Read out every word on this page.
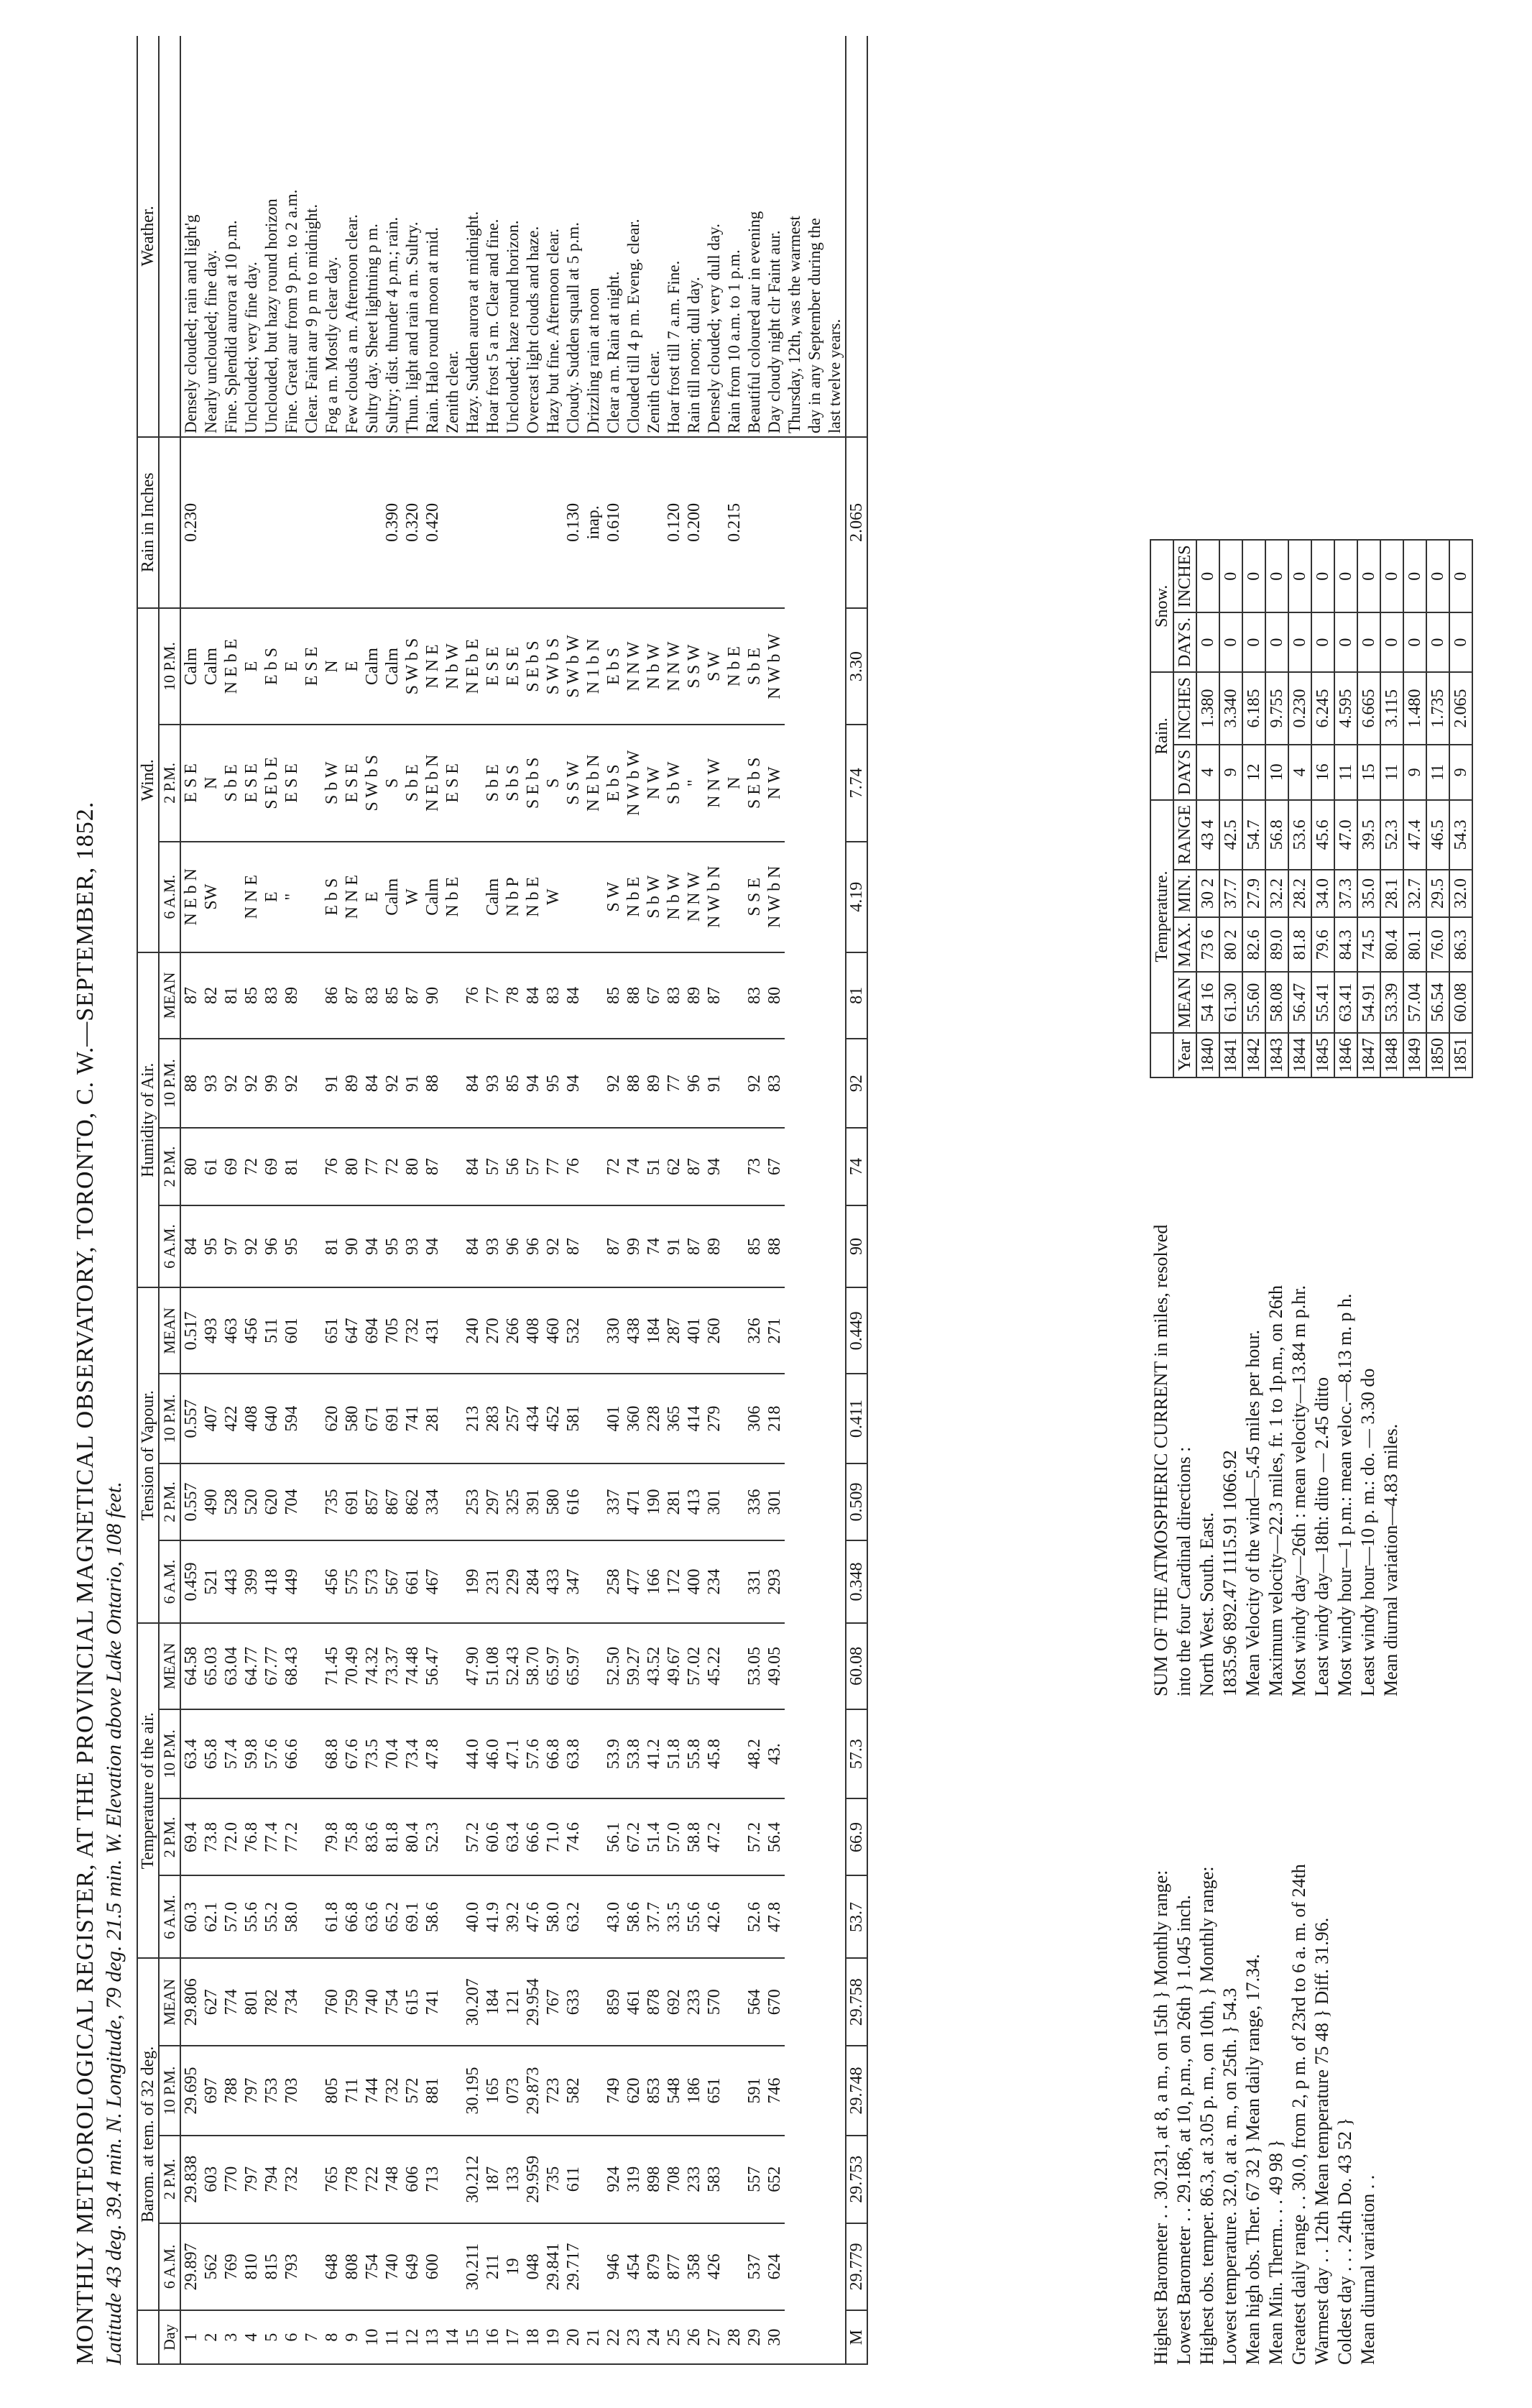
MONTHLY METEOROLOGICAL REGISTER, AT THE PROVINCIAL MAGNETICAL OBSERVATORY, TORONTO, C. W.—SEPTEMBER, 1852. Latitude 43 deg. 39.4 min. N. Longitude, 79 deg. 21.5 min. W. Elevation above Lake Ontario, 108 feet.
	Barom. at tem. of 32 deg.				Temperature of the air.				Tension of Vapour.				Humidity of Air.				Wind.			Rain in Inches	Weather.
Day	6 A.M.	2 P.M.	10 P.M.	MEAN	6 A.M.	2 P.M.	10 P.M.	MEAN	6 A.M.	2 P.M.	10 P.M.	MEAN	6 A.M.	2 P.M.	10 P.M.	MEAN	6 A.M.	2 P.M.	10 P.M.		
1	29.897	29.838	29.695	29.806	60.3	69.4	63.4	64.58	0.459	0.557	0.557	0.517	84	80	88	87	N E b N	E S E	Calm	0.230	Densely clouded; rain and light'g
2	562	603	697	627	62.1	73.8	65.8	65.03	521	490	407	493	95	61	93	82	SW	N	Calm		Nearly unclouded; fine day.
3	769	770	788	774	57.0	72.0	57.4	63.04	443	528	422	463	97	69	92	81		S b E	N E b E		Fine. Splendid aurora at 10 p.m.
4	810	797	797	801	55.6	76.8	59.8	64.77	399	520	408	456	92	72	92	85	N N E	E S E	E		Unclouded; very fine day.
5	815	794	753	782	55.2	77.4	57.6	67.77	418	620	640	511	96	69	99	83	E	S E b E	E b S		Unclouded, but hazy round horizon
6	793	732	703	734	58.0	77.2	66.6	68.43	449	704	594	601	95	81	92	89	"	E S E	E		Fine. Great aur from 9 p.m. to 2 a.m.
7																			E S E		Clear. Faint aur 9 p m to midnight.
8	648	765	805	760	61.8	79.8	68.8	71.45	456	735	620	651	81	76	91	86	E b S	S b W	N		Fog a m. Mostly clear day.
9	808	778	711	759	66.8	75.8	67.6	70.49	575	691	580	647	90	80	89	87	N N E	E S E	E		Few clouds a m. Afternoon clear.
10	754	722	744	740	63.6	83.6	73.5	74.32	573	857	671	694	94	77	84	83	E	S W b S	Calm		Sultry day. Sheet lightning p m.
11	740	748	732	754	65.2	81.8	70.4	73.37	567	867	691	705	95	72	92	85	Calm	S	Calm	0.390	Sultry; dist. thunder 4 p.m.; rain.
12	649	606	572	615	69.1	80.4	73.4	74.48	661	862	741	732	93	80	91	87	W	S b E	S W b S	0.320	Thun. light and rain a m. Sultry.
13	600	713	881	741	58.6	52.3	47.8	56.47	467	334	281	431	94	87	88	90	Calm	N E b N	N N E	0.420	Rain. Halo round moon at mid.
14																	N b E	E S E	N b W		Zenith clear.
15	30.211	30.212	30.195	30.207	40.0	57.2	44.0	47.90	199	253	213	240	84	84	84	76			N E b E		Hazy. Sudden aurora at midnight.
16	211	187	165	184	41.9	60.6	46.0	51.08	231	297	283	270	93	57	93	77	Calm	S b E	E S E		Hoar frost 5 a m. Clear and fine.
17	19	133	073	121	39.2	63.4	47.1	52.43	229	325	257	266	96	56	85	78	N b P	S b S	E S E		Unclouded; haze round horizon.
18	048	29.959	29.873	29.954	47.6	66.6	57.6	58.70	284	391	434	408	96	57	94	84	N b E	S E b S	S E b S		Overcast light clouds and haze.
19	29.841	735	723	767	58.0	71.0	66.8	65.97	433	580	452	460	92	77	95	83	W	S	S W b S		Hazy but fine. Afternoon clear.
20	29.717	611	582	633	63.2	74.6	63.8	65.97	347	616	581	532	87	76	94	84		S S W	S W b W	0.130	Cloudy. Sudden squall at 5 p.m.
21																		N E b N	N 1 b N	inap.	Drizzling rain at noon
22	946	924	749	859	43.0	56.1	53.9	52.50	258	337	401	330	87	72	92	85	S W	E b S	E b S	0.610	Clear a m. Rain at night.
23	454	319	620	461	58.6	67.2	53.8	59.27	477	471	360	438	99	74	88	88	N b E	N W b W	N N W		Clouded till 4 p m. Eveng. clear.
24	879	898	853	878	37.7	51.4	41.2	43.52	166	190	228	184	74	51	89	67	S b W	N W	N b W		Zenith clear.
25	877	708	548	692	33.5	57.0	51.8	49.67	172	281	365	287	91	62	77	83	N b W	S b W	N N W	0.120	Hoar frost till 7 a.m. Fine.
26	358	233	186	233	55.6	58.8	55.8	57.02	400	413	414	401	87	87	96	89	N N W	"	S S W	0.200	Rain till noon; dull day.
27	426	583	651	570	42.6	47.2	45.8	45.22	234	301	279	260	89	94	91	87	N W b N	N N W	S W		Densely clouded; very dull day.
28																		N	N b E	0.215	Rain from 10 a.m. to 1 p.m.
29	537	557	591	564	52.6	57.2	48.2	53.05	331	336	306	326	85	73	92	83	S S E	S E b S	S b E		Beautiful coloured aur in evening
30	624	652	746	670	47.8	56.4	43.	49.05	293	301	218	271	88	67	83	80	N W b N	N W	N W b W		Day cloudy night clr Faint aur.
																					Thursday, 12th, was the warmest
																					day in any September during the
																					last twelve years.
M	29.779	29.753	29.748	29.758	53.7	66.9	57.3	60.08	0.348	0.509	0.411	0.449	90	74	92	81	4.19	7.74	3.30	2.065	

Highest Barometer . . 30.231, at 8, a m., on 15th } Monthly range: Lowest Barometer . . 29.186, at 10, p.m., on 26th } 1.045 inch. Highest obs. temper. 86.3, at 3.05 p. m., on 10th, } Monthly range: Lowest temperature. 32.0, at a. m., on 25th. } 54.3 Mean high obs. Ther. 67 32 } Mean daily range, 17.34. Mean Min. Therm.. . . 49 98 } Greatest daily range . . 30.0, from 2, p m. of 23rd to 6 a. m. of 24th Warmest day . . 12th Mean temperature 75 48 } Diff. 31.96. Coldest day . . . 24th Do. 43 52 } Mean diurnal variation . .

SUM OF THE ATMOSPHERIC CURRENT in miles, resolved into the four Cardinal directions : North West. South. East. 1835.96 892.47 1115.91 1066.92 Mean Velocity of the wind—5.45 miles per hour. Maximum velocity—22.3 miles, fr. 1 to 1p.m., on 26th Most windy day—26th : mean velocity—13.84 m p.hr. Least windy day—18th: ditto — 2.45 ditto Most windy hour—1 p.m.: mean veloc.—8.13 m. p h. Least windy hour—10 p. m.: do. — 3.30 do Mean diurnal variation—4.83 miles.

	Temperature.				Rain.		Snow.	
Year	MEAN	MAX.	MIN.	RANGE	DAYS	INCHES	DAYS.	INCHES
1840	54 16	73 6	30 2	43 4	4	1.380	0	0
1841	61.30	80 2	37.7	42.5	9	3.340	0	0
1842	55.60	82.6	27.9	54.7	12	6.185	0	0
1843	58.08	89.0	32.2	56.8	10	9.755	0	0
1844	56.47	81.8	28.2	53.6	4	0.230	0	0
1845	55.41	79.6	34.0	45.6	16	6.245	0	0
1846	63.41	84.3	37.3	47.0	11	4.595	0	0
1847	54.91	74.5	35.0	39.5	15	6.665	0	0
1848	53.39	80.4	28.1	52.3	11	3.115	0	0
1849	57.04	80.1	32.7	47.4	9	1.480	0	0
1850	56.54	76.0	29.5	46.5	11	1.735	0	0
1851	60.08	86.3	32.0	54.3	9	2.065	0	0
